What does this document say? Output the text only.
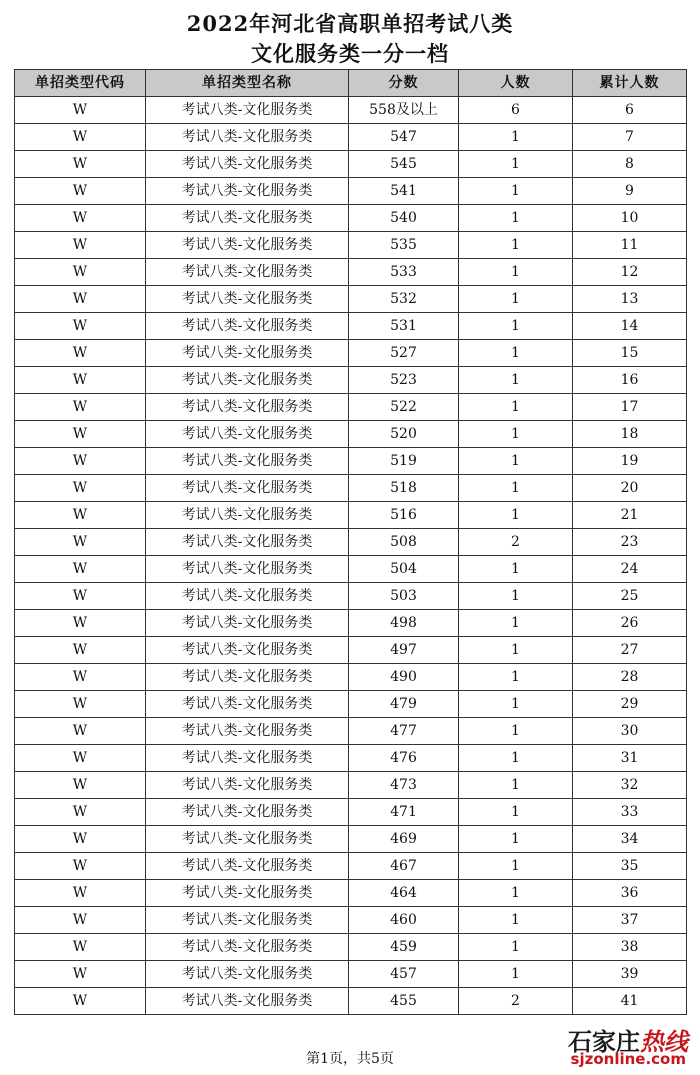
2022年河北省高职单招考试八类
文化服务类一分一档
单招类型代码	单招类型名称	分数	人数	累计人数
W	考试八类-文化服务类	558及以上	6	6
W	考试八类-文化服务类	547	1	7
W	考试八类-文化服务类	545	1	8
W	考试八类-文化服务类	541	1	9
W	考试八类-文化服务类	540	1	10
W	考试八类-文化服务类	535	1	11
W	考试八类-文化服务类	533	1	12
W	考试八类-文化服务类	532	1	13
W	考试八类-文化服务类	531	1	14
W	考试八类-文化服务类	527	1	15
W	考试八类-文化服务类	523	1	16
W	考试八类-文化服务类	522	1	17
W	考试八类-文化服务类	520	1	18
W	考试八类-文化服务类	519	1	19
W	考试八类-文化服务类	518	1	20
W	考试八类-文化服务类	516	1	21
W	考试八类-文化服务类	508	2	23
W	考试八类-文化服务类	504	1	24
W	考试八类-文化服务类	503	1	25
W	考试八类-文化服务类	498	1	26
W	考试八类-文化服务类	497	1	27
W	考试八类-文化服务类	490	1	28
W	考试八类-文化服务类	479	1	29
W	考试八类-文化服务类	477	1	30
W	考试八类-文化服务类	476	1	31
W	考试八类-文化服务类	473	1	32
W	考试八类-文化服务类	471	1	33
W	考试八类-文化服务类	469	1	34
W	考试八类-文化服务类	467	1	35
W	考试八类-文化服务类	464	1	36
W	考试八类-文化服务类	460	1	37
W	考试八类-文化服务类	459	1	38
W	考试八类-文化服务类	457	1	39
W	考试八类-文化服务类	455	2	41
第1页，共5页
石家庄热线
sjzonline.com
